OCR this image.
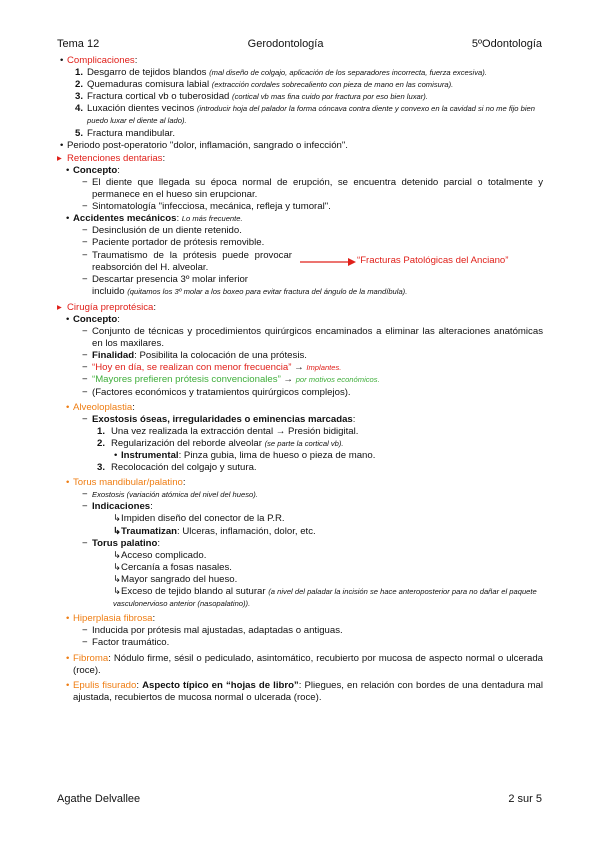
Tema 12	Gerodontología	5ºOdontología
• Complicaciones:
1. Desgarro de tejidos blandos (mal diseño de colgajo, aplicación de los separadores incorrecta, fuerza excesiva).
2. Quemaduras comisura labial (extracción cordales sobrecaliento con pieza de mano en las comisura).
3. Fractura cortical vb o tuberosidad (cortical vb mas fina cuido por fractura por eso bien luxar).
4. Luxación dientes vecinos (introducir hoja del palador la forma cóncava contra diente y convexo en la cavidad si no me fijo bien puedo luxar el diente al lado).
5. Fractura mandibular.
• Periodo post-operatorio "dolor, inflamación, sangrado o infección".
▸ Retenciones dentarias:
• Concepto:
− El diente que llegada su época normal de erupción, se encuentra detenido parcial o totalmente y permanece en el hueso sin erupcionar.
− Sintomatología "infecciosa, mecánica, refleja y tumoral".
• Accidentes mecánicos: Lo más frecuente.
− Desinclusión de un diente retenido.
− Paciente portador de prótesis removible.
− Traumatismo de la prótesis puede provocar reabsorción del H. alveolar.
“Fracturas Patológicas del Anciano”
− Descartar presencia 3º molar inferior
incluido (quitamos los 3º molar a los boxeo para evitar fractura del ángulo de la mandíbula).
▸ Cirugía preprotésica:
• Concepto:
− Conjunto de técnicas y procedimientos quirúrgicos encaminados a eliminar las alteraciones anatómicas en los maxilares.
− Finalidad: Posibilita la colocación de una prótesis.
− “Hoy en día, se realizan con menor frecuencia” → Implantes.
− “Mayores prefieren prótesis convencionales” → por motivos económicos.
− (Factores económicos y tratamientos quirúrgicos complejos).
• Alveoloplastia:
− Exostosis óseas, irregularidades o eminencias marcadas:
1. Una vez realizada la extracción dental → Presión bidigital.
2. Regularización del reborde alveolar (se parte la cortical vb).
• Instrumental: Pinza gubia, lima de hueso o pieza de mano.
3. Recolocación del colgajo y sutura.
• Torus mandibular/palatino:
− Exostosis (variación atómica del nivel del hueso).
− Indicaciones:
↳Impiden diseño del conector de la P.R.
↳Traumatizan: Ulceras, inflamación, dolor, etc.
− Torus palatino:
↳Acceso complicado.
↳Cercanía a fosas nasales.
↳Mayor sangrado del hueso.
↳Exceso de tejido blando al suturar (a nivel del paladar la incisión se hace anteroposterior para no dañar el paquete vasculonervioso anterior (nasopalatino)).
• Hiperplasia fibrosa:
− Inducida por prótesis mal ajustadas, adaptadas o antiguas.
− Factor traumático.
• Fibroma: Nódulo firme, sésil o pediculado, asintomático, recubierto por mucosa de aspecto normal o ulcerada (roce).
• Epulis fisurado: Aspecto típico en “hojas de libro”: Pliegues, en relación con bordes de una dentadura mal ajustada, recubiertos de mucosa normal o ulcerada (roce).
Agathe Delvallee	2 sur 5
